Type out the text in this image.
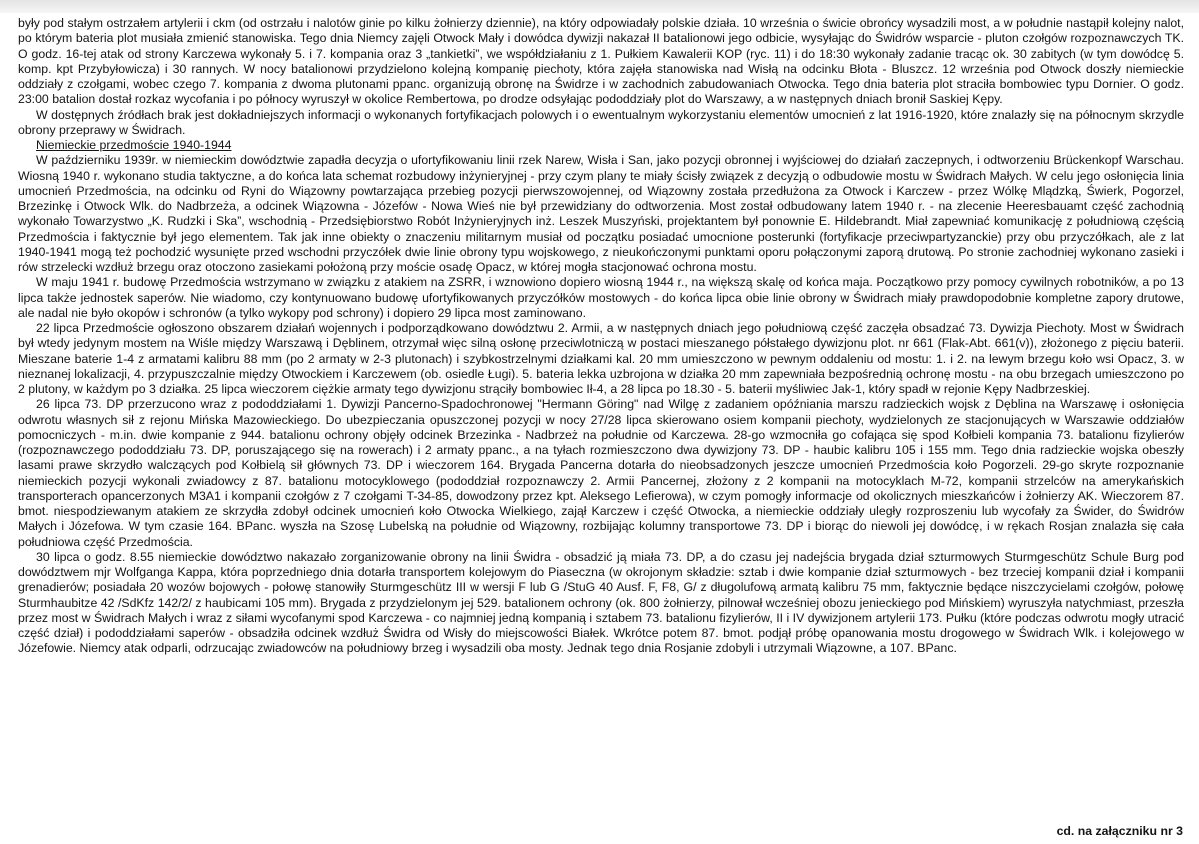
były pod stałym ostrzałem artylerii i ckm (od ostrzału i nalotów ginie po kilku żołnierzy dziennie), na który odpowiadały polskie działa. 10 września o świcie obrońcy wysadzili most, a w południe nastąpił kolejny nalot, po którym bateria plot musiała zmienić stanowiska. Tego dnia Niemcy zajęli Otwock Mały i dowódca dywizji nakazał II batalionowi jego odbicie, wysyłając do Świdrów wsparcie - pluton czołgów rozpoznawczych TK. O godz. 16-tej atak od strony Karczewa wykonały 5. i 7. kompania oraz 3 „tankietki”, we współdziałaniu z 1. Pułkiem Kawalerii KOP (ryc. 11) i do 18:30 wykonały zadanie tracąc ok. 30 zabitych (w tym dowódcę 5. komp. kpt Przybyłowicza) i 30 rannych. W nocy batalionowi przydzielono kolejną kompanię piechoty, która zajęła stanowiska nad Wisłą na odcinku Błota - Bluszcz. 12 września pod Otwock doszły niemieckie oddziały z czołgami, wobec czego 7. kompania z dwoma plutonami ppanc. organizują obronę na Świdrze i w zachodnich zabudowaniach Otwocka. Tego dnia bateria plot straciła bombowiec typu Dornier. O godz. 23:00 batalion dostał rozkaz wycofania i po północy wyruszył w okolice Rembertowa, po drodze odsyłając pododdziały plot do Warszawy, a w następnych dniach bronił Saskiej Kępy.

W dostępnych źródłach brak jest dokładniejszych informacji o wykonanych fortyfikacjach polowych i o ewentualnym wykorzystaniu elementów umocnień z lat 1916-1920, które znalazły się na północnym skrzydle obrony przeprawy w Świdrach.

Niemieckie przedmoście 1940-1944

W październiku 1939r. w niemieckim dowództwie zapadła decyzja o ufortyfikowaniu linii rzek Narew, Wisła i San, jako pozycji obronnej i wyjściowej do działań zaczepnych, i odtworzeniu Brückenkopf Warschau. Wiosną 1940 r. wykonano studia taktyczne, a do końca lata schemat rozbudowy inżynieryjnej - przy czym plany te miały ścisły związek z decyzją o odbudowie mostu w Świdrach Małych. W celu jego osłonięcia linia umocnień Przedmościa, na odcinku od Ryni do Wiązowny powtarzająca przebieg pozycji pierwszowojennej, od Wiązowny została przedłużona za Otwock i Karczew - przez Wólkę Mlądzką, Świerk, Pogorzel, Brzezinkę i Otwock Wlk. do Nadbrzeża, a odcinek Wiązowna - Józefów - Nowa Wieś nie był przewidziany do odtworzenia. Most został odbudowany latem 1940 r. - na zlecenie Heeresbauamt część zachodnią wykonało Towarzystwo „K. Rudzki i Ska”, wschodnią - Przedsiębiorstwo Robót Inżynieryjnych inż. Leszek Muszyński, projektantem był ponownie E. Hildebrandt. Miał zapewniać komunikację z południową częścią Przedmościa i faktycznie był jego elementem. Tak jak inne obiekty o znaczeniu militarnym musiał od początku posiadać umocnione posterunki (fortyfikacje przeciwpartyzanckie) przy obu przyczółkach, ale z lat 1940-1941 mogą też pochodzić wysunięte przed wschodni przyczółek dwie linie obrony typu wojskowego, z nieukończonymi punktami oporu połączonymi zaporą drutową. Po stronie zachodniej wykonano zasieki i rów strzelecki wzdłuż brzegu oraz otoczono zasiekami położoną przy moście osadę Opacz, w której mogła stacjonować ochrona mostu.

W maju 1941 r. budowę Przedmościa wstrzymano w związku z atakiem na ZSRR, i wznowiono dopiero wiosną 1944 r., na większą skalę od końca maja. Początkowo przy pomocy cywilnych robotników, a po 13 lipca także jednostek saperów. Nie wiadomo, czy kontynuowano budowę ufortyfikowanych przyczółków mostowych - do końca lipca obie linie obrony w Świdrach miały prawdopodobnie kompletne zapory drutowe, ale nadal nie było okopów i schronów (a tylko wykopy pod schrony) i dopiero 29 lipca most zaminowano.

22 lipca Przedmoście ogłoszono obszarem działań wojennych i podporządkowano dowództwu 2. Armii, a w następnych dniach jego południową część zaczęła obsadzać 73. Dywizja Piechoty. Most w Świdrach był wtedy jedynym mostem na Wiśle między Warszawą i Dęblinem, otrzymał więc silną osłonę przeciwlotniczą w postaci mieszanego półstałego dywizjonu plot. nr 661 (Flak-Abt. 661(v)), złożonego z pięciu baterii. Mieszane baterie 1-4 z armatami kalibru 88 mm (po 2 armaty w 2-3 plutonach) i szybkostrzelnymi działkami kal. 20 mm umieszczono w pewnym oddaleniu od mostu: 1. i 2. na lewym brzegu koło wsi Opacz, 3. w nieznanej lokalizacji, 4. przypuszczalnie między Otwockiem i Karczewem (ob. osiedle Ługi). 5. bateria lekka uzbrojona w działka 20 mm zapewniała bezpośrednią ochronę mostu - na obu brzegach umieszczono po 2 plutony, w każdym po 3 działka. 25 lipca wieczorem ciężkie armaty tego dywizjonu strąciły bombowiec Ił-4, a 28 lipca po 18.30 - 5. baterii myśliwiec Jak-1, który spadł w rejonie Kępy Nadbrzeskiej.

26 lipca 73. DP przerzucono wraz z pododdziałami 1. Dywizji Pancerno-Spadochronowej "Hermann Göring" nad Wilgę z zadaniem opóźniania marszu radzieckich wojsk z Dęblina na Warszawę i osłonięcia odwrotu własnych sił z rejonu Mińska Mazowieckiego. Do ubezpieczania opuszczonej pozycji w nocy 27/28 lipca skierowano osiem kompanii piechoty, wydzielonych ze stacjonujących w Warszawie oddziałów pomocniczych - m.in. dwie kompanie z 944. batalionu ochrony objęły odcinek Brzezinka - Nadbrzeż na południe od Karczewa. 28-go wzmocniła go cofająca się spod Kołbieli kompania 73. batalionu fizylierów (rozpoznawczego pododdziału 73. DP, poruszającego się na rowerach) i 2 armaty ppanc., a na tyłach rozmieszczono dwa dywizjony 73. DP - haubic kalibru 105 i 155 mm. Tego dnia radzieckie wojska obeszły lasami prawe skrzydło walczących pod Kołbielą sił głównych 73. DP i wieczorem 164. Brygada Pancerna dotarła do nieobsadzonych jeszcze umocnień Przedmościa koło Pogorzeli. 29-go skryte rozpoznanie niemieckich pozycji wykonali zwiadowcy z 87. batalionu motocyklowego (pododdział rozpoznawczy 2. Armii Pancernej, złożony z 2 kompanii na motocyklach M-72, kompanii strzelców na amerykańskich transporterach opancerzonych M3A1 i kompanii czołgów z 7 czołgami T-34-85, dowodzony przez kpt. Aleksego Lefierowa), w czym pomogły informacje od okolicznych mieszkańców i żołnierzy AK. Wieczorem 87. bmot. niespodziewanym atakiem ze skrzydła zdobył odcinek umocnień koło Otwocka Wielkiego, zajął Karczew i część Otwocka, a niemieckie oddziały uległy rozproszeniu lub wycofały za Świder, do Świdrów Małych i Józefowa. W tym czasie 164. BPanc. wyszła na Szosę Lubelską na południe od Wiązowny, rozbijając kolumny transportowe 73. DP i biorąc do niewoli jej dowódcę, i w rękach Rosjan znalazła się cała południowa część Przedmościa.

30 lipca o godz. 8.55 niemieckie dowództwo nakazało zorganizowanie obrony na linii Świdra - obsadzić ją miała 73. DP, a do czasu jej nadejścia brygada dział szturmowych Sturmgeschütz Schule Burg pod dowództwem mjr Wolfganga Kappa, która poprzedniego dnia dotarła transportem kolejowym do Piaseczna (w okrojonym składzie: sztab i dwie kompanie dział szturmowych - bez trzeciej kompanii dział i kompanii grenadierów; posiadała 20 wozów bojowych - połowę stanowiły Sturmgeschütz III w wersji F lub G /StuG 40 Ausf. F, F8, G/ z długolufową armatą kalibru 75 mm, faktycznie będące niszczycielami czołgów, połowę Sturmhaubitze 42 /SdKfz 142/2/ z haubicami 105 mm). Brygada z przydzielonym jej 529. batalionem ochrony (ok. 800 żołnierzy, pilnował wcześniej obozu jenieckiego pod Mińskiem) wyruszyła natychmiast, przeszła przez most w Świdrach Małych i wraz z siłami wycofanymi spod Karczewa - co najmniej jedną kompanią i sztabem 73. batalionu fizylierów, II i IV dywizjonem artylerii 173. Pułku (które podczas odwrotu mogły utracić część dział) i pododdziałami saperów - obsadziła odcinek wzdłuż Świdra od Wisły do miejscowości Białek. Wkrótce potem 87. bmot. podjął próbę opanowania mostu drogowego w Świdrach Wlk. i kolejowego w Józefowie. Niemcy atak odparli, odrzucając zwiadowców na południowy brzeg i wysadzili oba mosty. Jednak tego dnia Rosjanie zdobyli i utrzymali Wiązowne, a 107. BPanc.

cd. na załączniku nr 3
